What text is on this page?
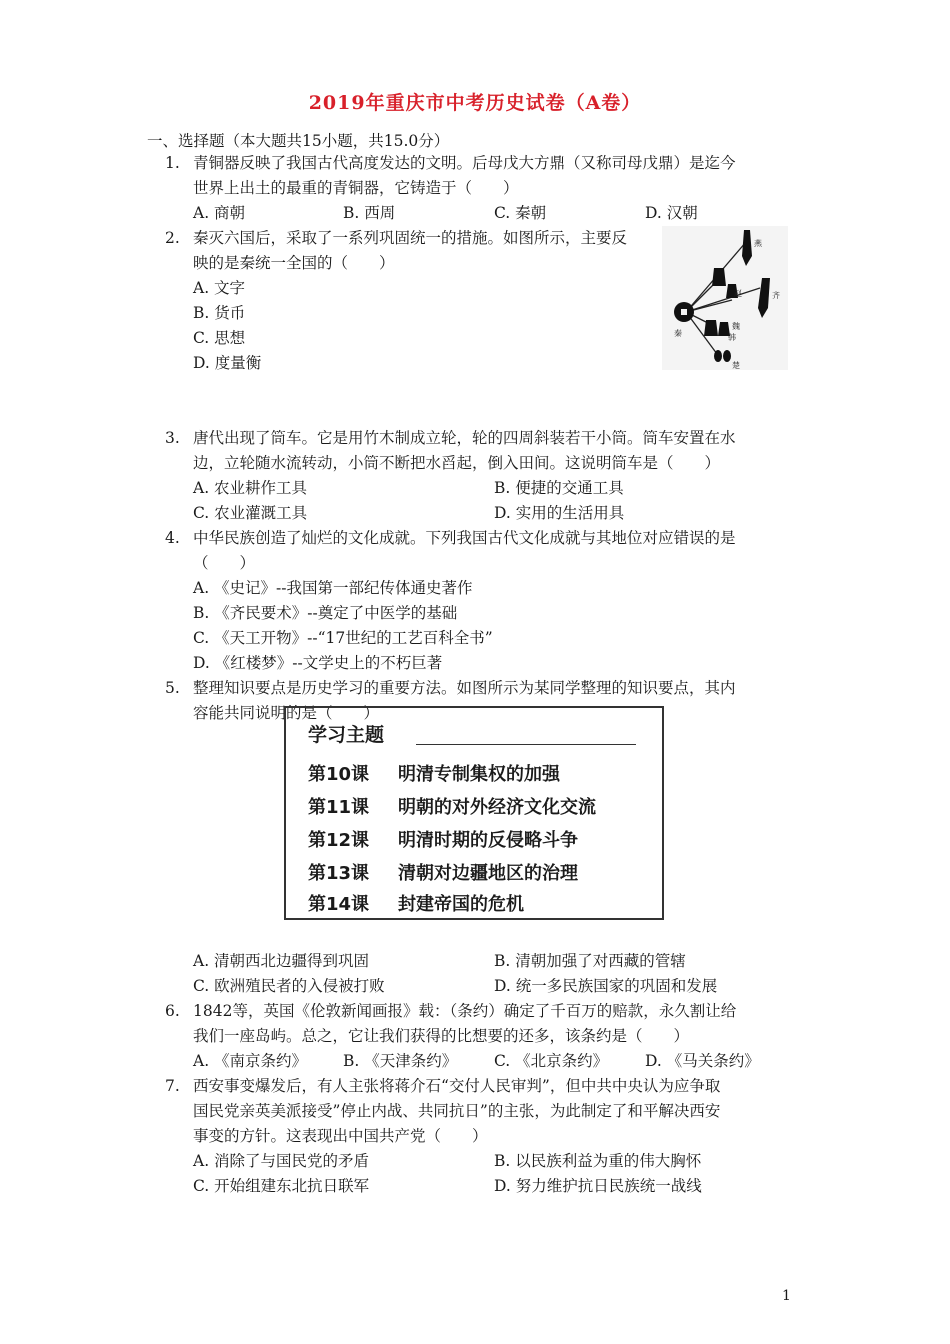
2019年重庆市中考历史试卷（A卷）
一、选择题（本大题共15小题，共15.0分）
1. 青铜器反映了我国古代高度发达的文明。后母戊大方鼎（又称司母戊鼎）是迄今
世界上出土的最重的青铜器，它铸造于（　　）
A. 商朝	B. 西周	C. 秦朝	D. 汉朝
2. 秦灭六国后，采取了一系列巩固统一的措施。如图所示，主要反
映的是秦统一全国的（　　）
A. 文字
B. 货币
C. 思想
D. 度量衡
燕
赵	齐
秦
魏
韩
楚
3. 唐代出现了筒车。它是用竹木制成立轮，轮的四周斜装若干小筒。筒车安置在水
边，立轮随水流转动，小筒不断把水舀起，倒入田间。这说明筒车是（　　）
A. 农业耕作工具	B. 便捷的交通工具
C. 农业灌溉工具	D. 实用的生活用具
4. 中华民族创造了灿烂的文化成就。下列我国古代文化成就与其地位对应错误的是
（　　）
A. 《史记》--我国第一部纪传体通史著作
B. 《齐民要术》--奠定了中医学的基础
C. 《天工开物》--“17世纪的工艺百科全书”
D. 《红楼梦》--文学史上的不朽巨著
5. 整理知识要点是历史学习的重要方法。如图所示为某同学整理的知识要点，其内
容能共同说明的是（　　）
学习主题
第10课 明清专制集权的加强
第11课 明朝的对外经济文化交流
第12课 明清时期的反侵略斗争
第13课 清朝对边疆地区的治理
第14课 封建帝国的危机
A. 清朝西北边疆得到巩固	B. 清朝加强了对西藏的管辖
C. 欧洲殖民者的入侵被打败	D. 统一多民族国家的巩固和发展
6. 1842等，英国《伦敦新闻画报》载：（条约）确定了千百万的赔款，永久割让给
我们一座岛屿。总之，它让我们获得的比想要的还多，该条约是（　　）
A. 《南京条约》 B. 《天津条约》 C. 《北京条约》 D. 《马关条约》
7. 西安事变爆发后，有人主张将蒋介石“交付人民审判”，但中共中央认为应争取
国民党亲英美派接受”停止内战、共同抗日”的主张，为此制定了和平解决西安
事变的方针。这表现出中国共产党（　　）
A. 消除了与国民党的矛盾	B. 以民族利益为重的伟大胸怀
C. 开始组建东北抗日联军	D. 努力维护抗日民族统一战线
1
